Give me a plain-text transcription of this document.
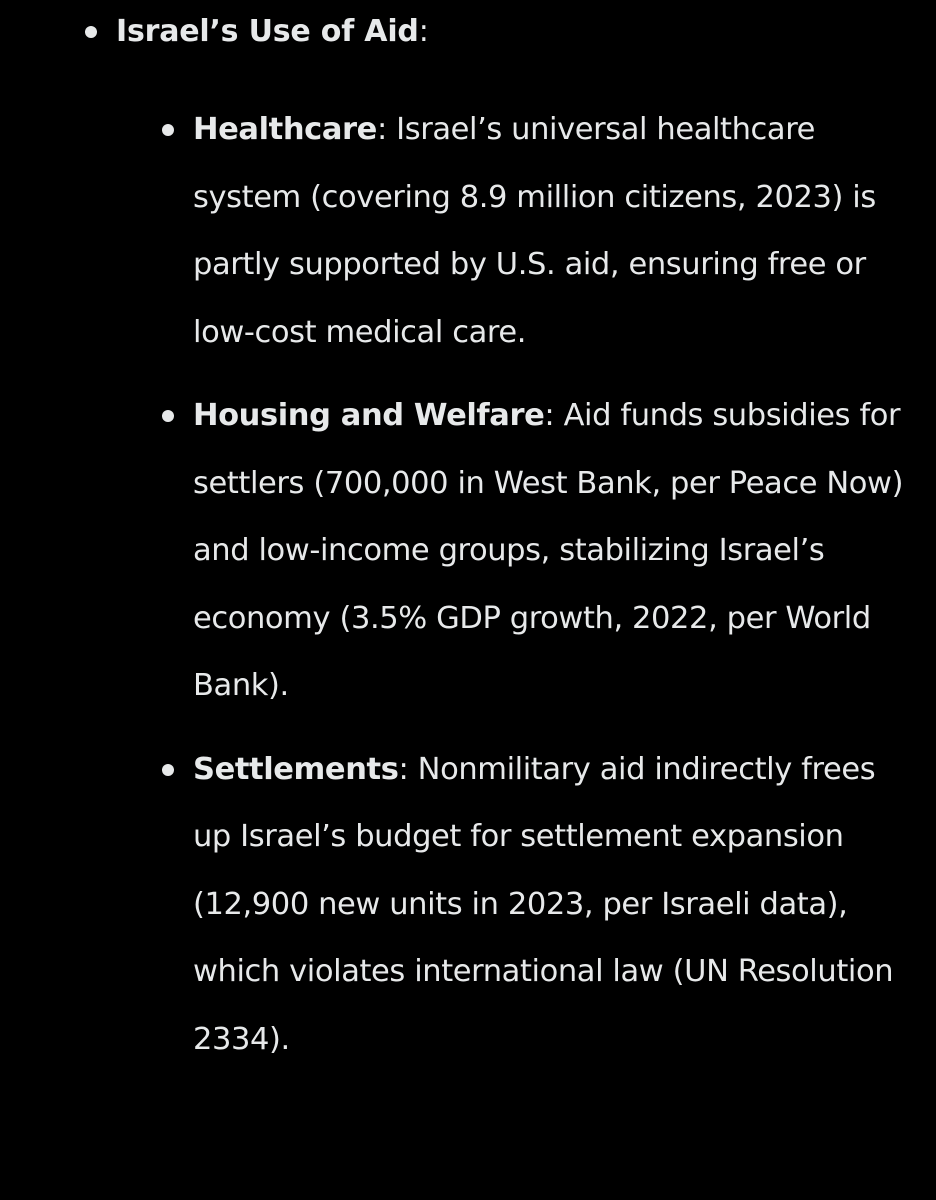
Israel’s Use of Aid:
Healthcare: Israel’s universal healthcare system (covering 8.9 million citizens, 2023) is partly supported by U.S. aid, ensuring free or low-cost medical care.
Housing and Welfare: Aid funds subsidies for settlers (700,000 in West Bank, per Peace Now) and low-income groups, stabilizing Israel’s economy (3.5% GDP growth, 2022, per World Bank).
Settlements: Nonmilitary aid indirectly frees up Israel’s budget for settlement expansion (12,900 new units in 2023, per Israeli data), which violates international law (UN Resolution 2334).
